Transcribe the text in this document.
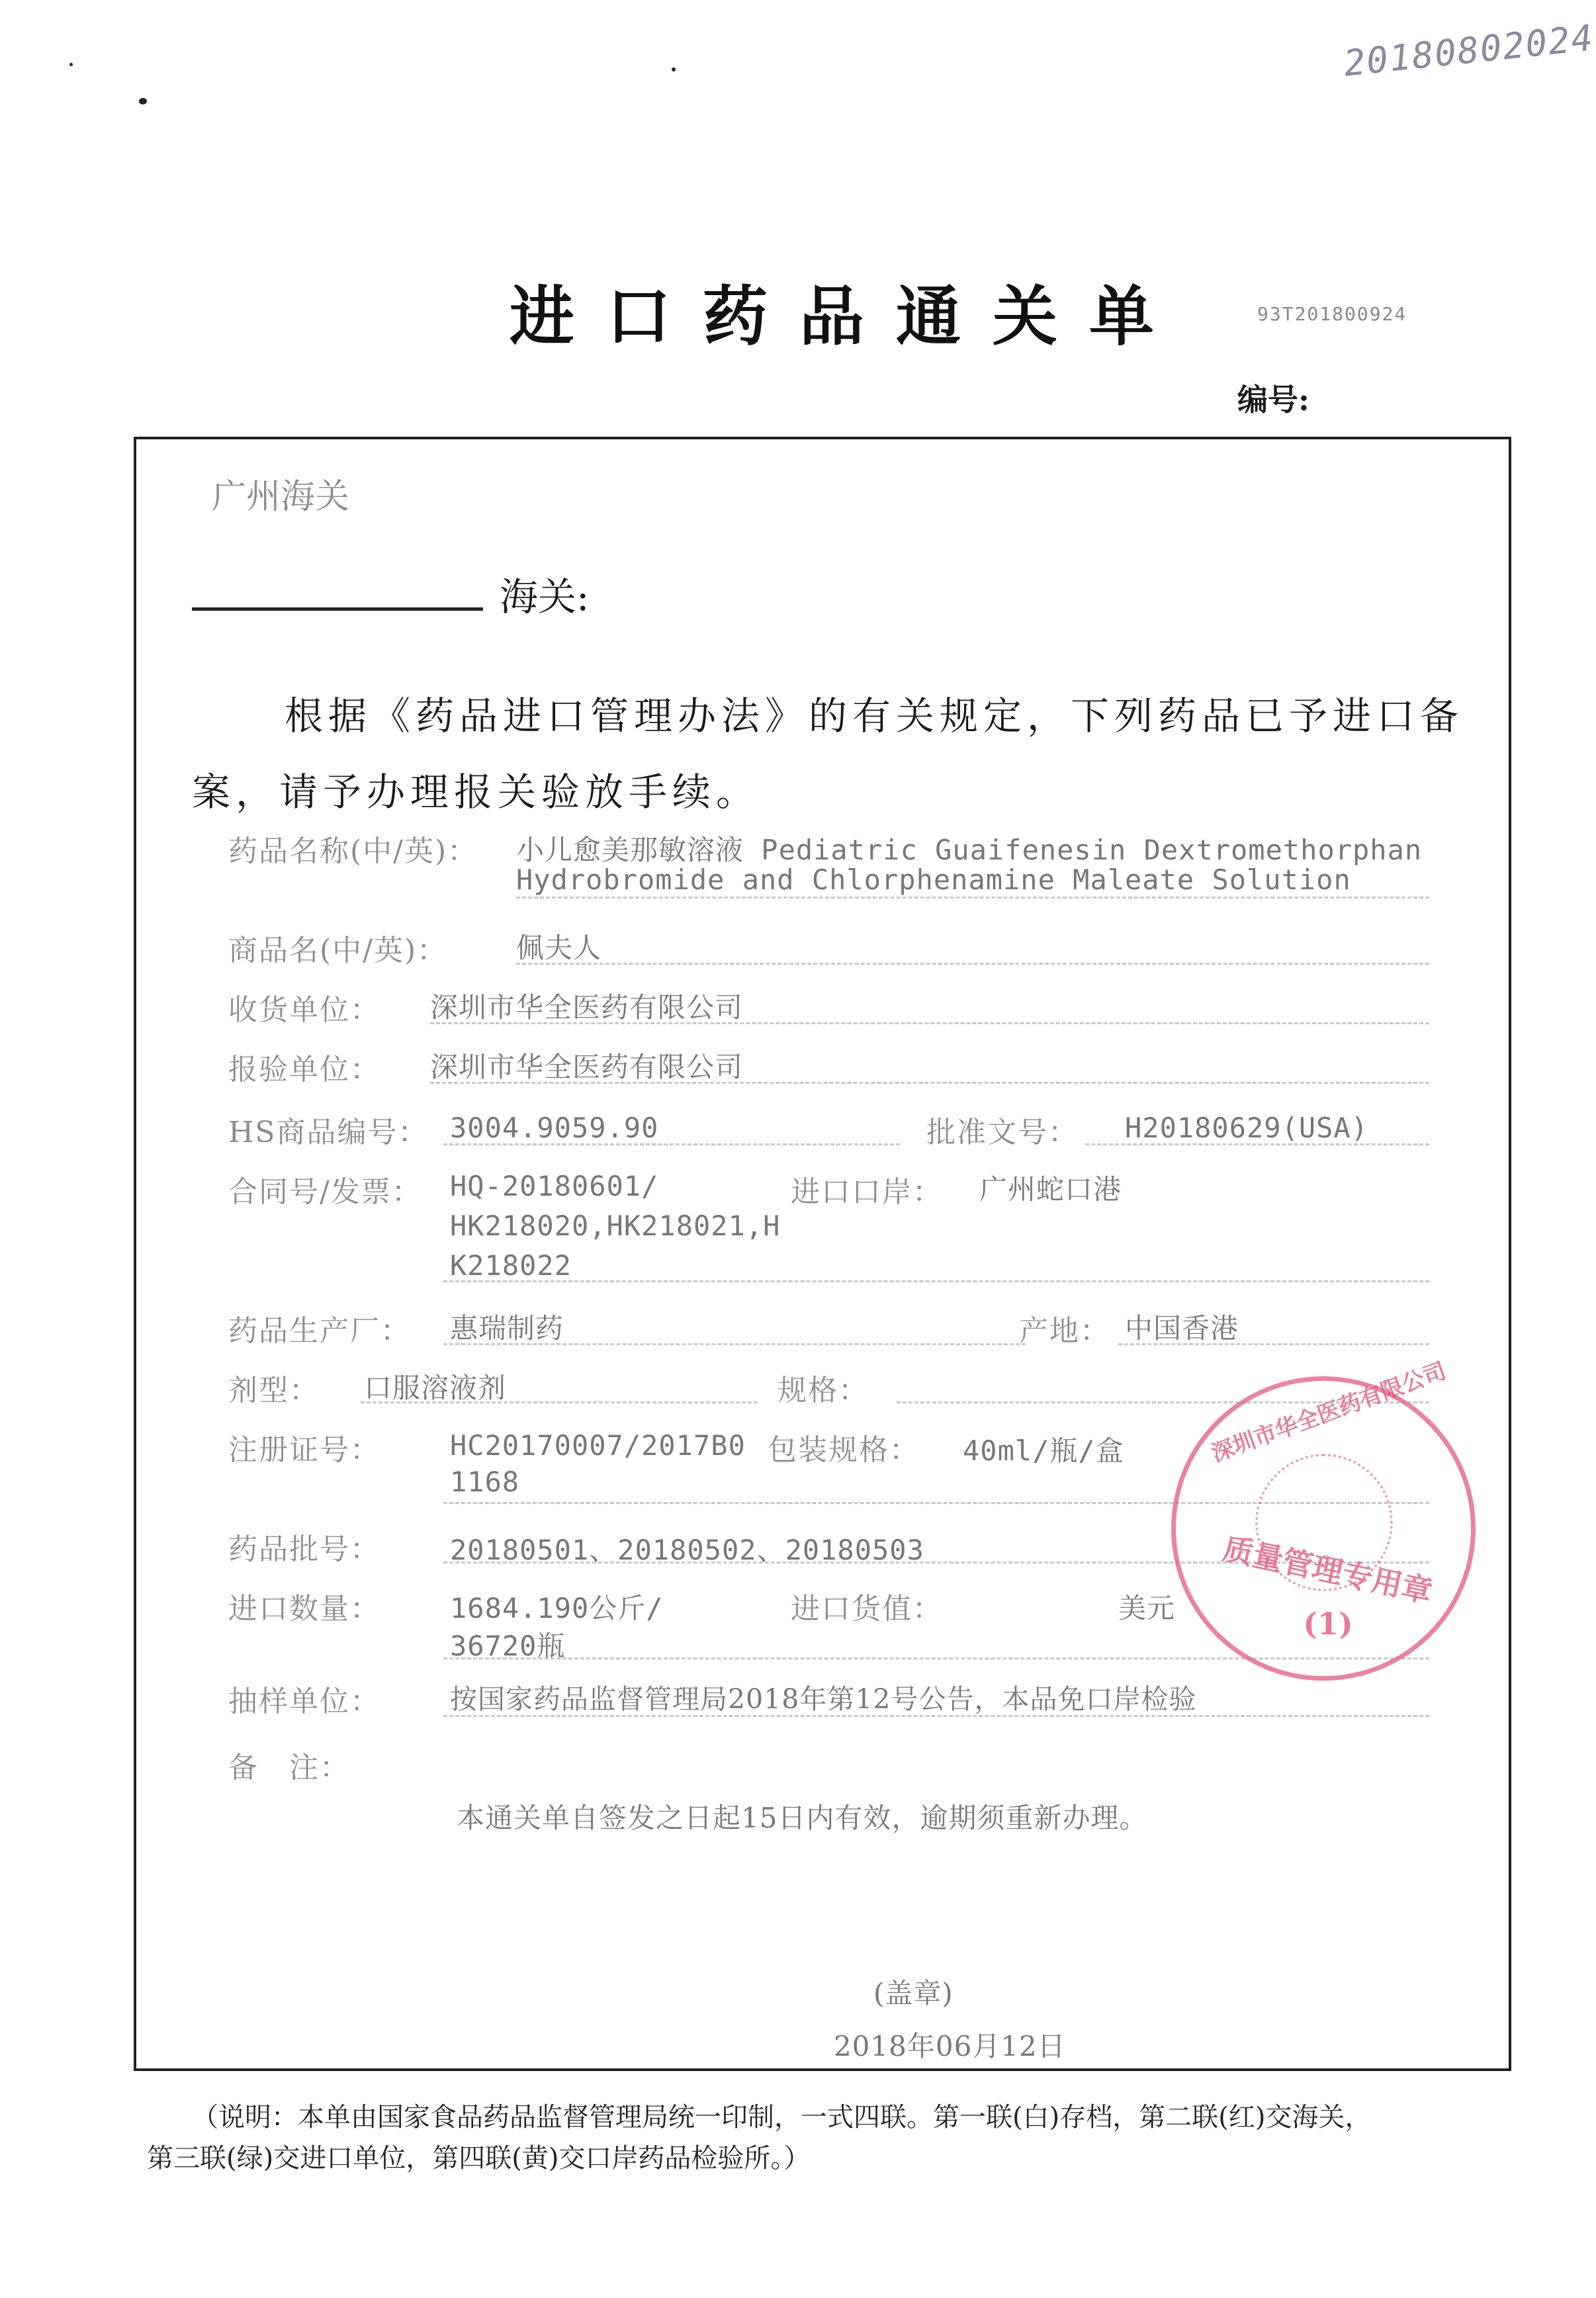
20180802024
进口药品通关单	93T201800924
编号:
广州海关
海关:
根据《药品进口管理办法》的有关规定，下列药品已予进口备
案，请予办理报关验放手续。
药品名称(中/英)： 小儿愈美那敏溶液 Pediatric Guaifenesin Dextromethorphan
Hydrobromide and Chlorphenamine Maleate Solution
商品名(中/英)： 佩夫人
收货单位： 深圳市华全医药有限公司
报验单位： 深圳市华全医药有限公司
HS商品编号： 3004.9059.90	批准文号： H20180629(USA)
合同号/发票： HQ-20180601/
HK218020,HK218021,H
K218022
进口口岸： 广州蛇口港
药品生产厂： 惠瑞制药	产地： 中国香港
剂型： 口服溶液剂	规格：
注册证号：	HC20170007/2017B0
1168
包装规格： 40ml/瓶/盒
药品批号：	20180501、20180502、20180503
进口数量：	1684.190公斤/
36720瓶
进口货值：	美元
抽样单位：	按国家药品监督管理局2018年第12号公告，本品免口岸检验
备　注：
本通关单自签发之日起15日内有效，逾期须重新办理。
(盖章)
2018年06月12日
深圳市华全医药有限公司
质量管理专用章
(1)
（说明：本单由国家食品药品监督管理局统一印制，一式四联。第一联(白)存档，第二联(红)交海关，
第三联(绿)交进口单位，第四联(黄)交口岸药品检验所。）
